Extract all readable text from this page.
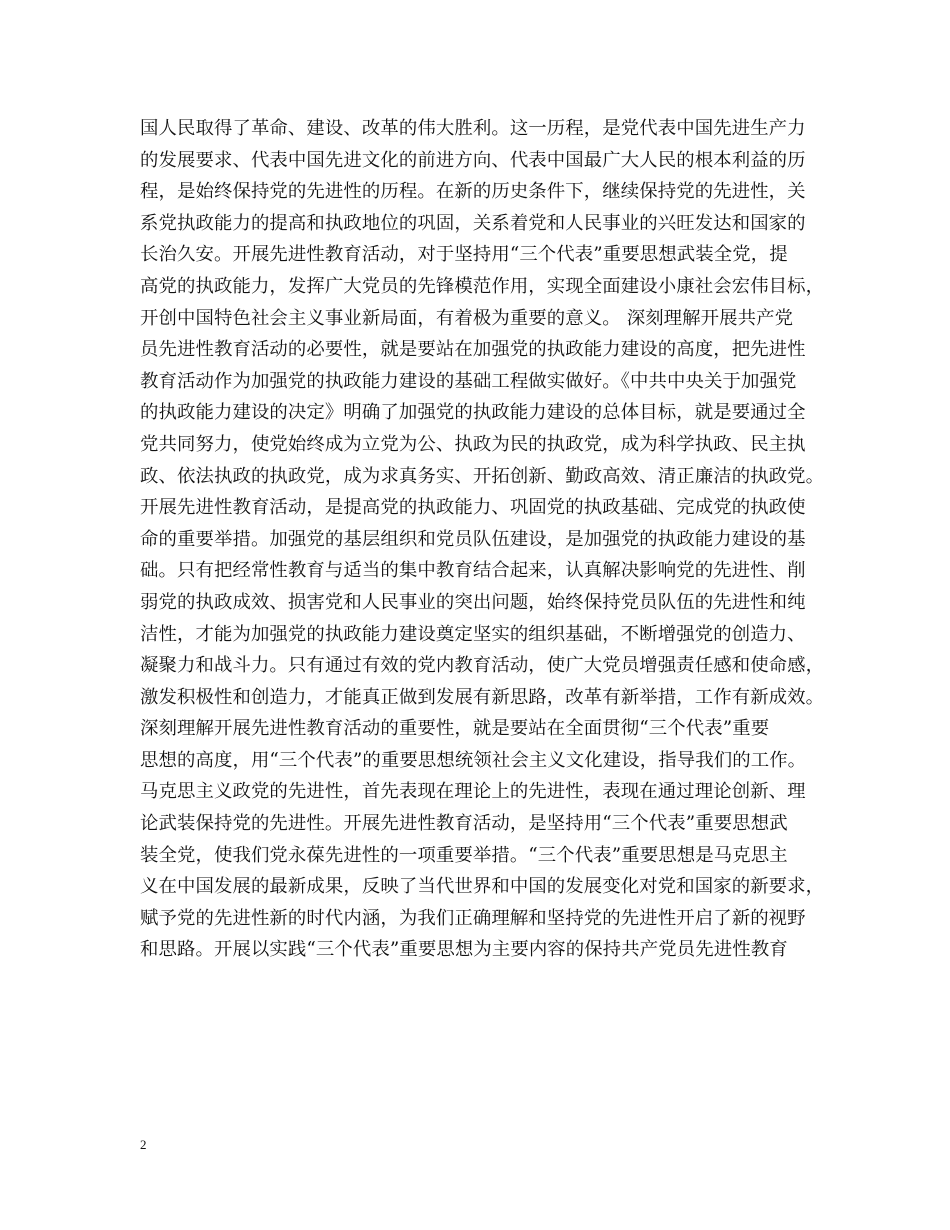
国人民取得了革命、建设、改革的伟大胜利。这一历程，是党代表中国先进生产力
的发展要求、代表中国先进文化的前进方向、代表中国最广大人民的根本利益的历
程，是始终保持党的先进性的历程。在新的历史条件下，继续保持党的先进性，关
系党执政能力的提高和执政地位的巩固，关系着党和人民事业的兴旺发达和国家的
长治久安。开展先进性教育活动，对于坚持用“三个代表”重要思想武装全党，提
高党的执政能力，发挥广大党员的先锋模范作用，实现全面建设小康社会宏伟目标，
开创中国特色社会主义事业新局面，有着极为重要的意义。 深刻理解开展共产党
员先进性教育活动的必要性，就是要站在加强党的执政能力建设的高度，把先进性
教育活动作为加强党的执政能力建设的基础工程做实做好。《中共中央关于加强党
的执政能力建设的决定》明确了加强党的执政能力建设的总体目标，就是要通过全
党共同努力，使党始终成为立党为公、执政为民的执政党，成为科学执政、民主执
政、依法执政的执政党，成为求真务实、开拓创新、勤政高效、清正廉洁的执政党。
开展先进性教育活动，是提高党的执政能力、巩固党的执政基础、完成党的执政使
命的重要举措。加强党的基层组织和党员队伍建设，是加强党的执政能力建设的基
础。只有把经常性教育与适当的集中教育结合起来，认真解决影响党的先进性、削
弱党的执政成效、损害党和人民事业的突出问题，始终保持党员队伍的先进性和纯
洁性，才能为加强党的执政能力建设奠定坚实的组织基础，不断增强党的创造力、
凝聚力和战斗力。只有通过有效的党内教育活动，使广大党员增强责任感和使命感，
激发积极性和创造力，才能真正做到发展有新思路，改革有新举措，工作有新成效。
深刻理解开展先进性教育活动的重要性，就是要站在全面贯彻“三个代表”重要
思想的高度，用“三个代表”的重要思想统领社会主义文化建设，指导我们的工作。
马克思主义政党的先进性，首先表现在理论上的先进性，表现在通过理论创新、理
论武装保持党的先进性。开展先进性教育活动，是坚持用“三个代表”重要思想武
装全党，使我们党永葆先进性的一项重要举措。“三个代表”重要思想是马克思主
义在中国发展的最新成果，反映了当代世界和中国的发展变化对党和国家的新要求，
赋予党的先进性新的时代内涵，为我们正确理解和坚持党的先进性开启了新的视野
和思路。开展以实践“三个代表”重要思想为主要内容的保持共产党员先进性教育
2
